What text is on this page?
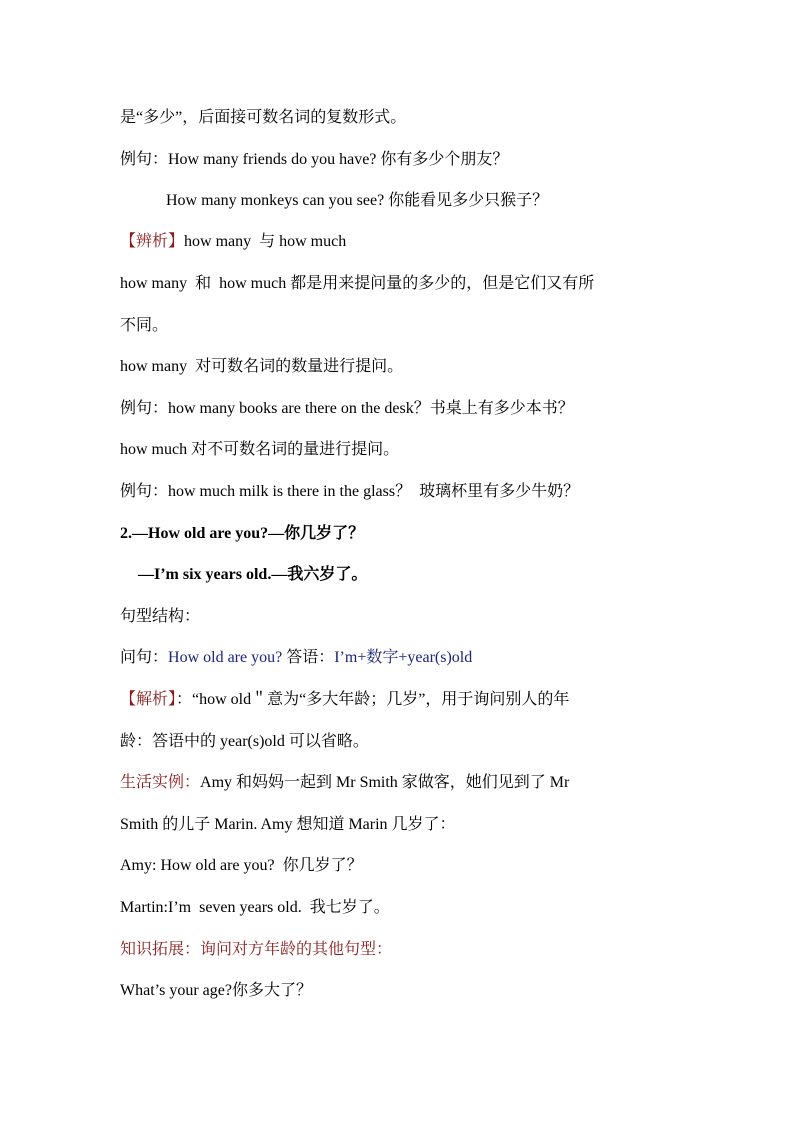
是“多少”，后面接可数名词的复数形式。
例句：How many friends do you have? 你有多少个朋友？
How many monkeys can you see? 你能看见多少只猴子？
【辨析】how many  与 how much
how many  和  how much 都是用来提问量的多少的，但是它们又有所
不同。
how many  对可数名词的数量进行提问。
例句：how many books are there on the desk？书桌上有多少本书？
how much 对不可数名词的量进行提问。
例句：how much milk is there in the glass？  玻璃杯里有多少牛奶？
2.—How old are you?—你几岁了？
—I’m six years old.—我六岁了。
句型结构：
问句：How old are you? 答语：I’m+数字+year(s)old
【解析】：“how old＂意为“多大年龄；几岁”，用于询问别人的年
龄：答语中的 year(s)old 可以省略。
生活实例：Amy 和妈妈一起到 Mr Smith 家做客，她们见到了 Mr
Smith 的儿子 Marin. Amy 想知道 Marin 几岁了：
Amy: How old are you?  你几岁了？
Martin:I’m  seven years old.  我七岁了。
知识拓展：询问对方年龄的其他句型：
What’s your age?你多大了？
